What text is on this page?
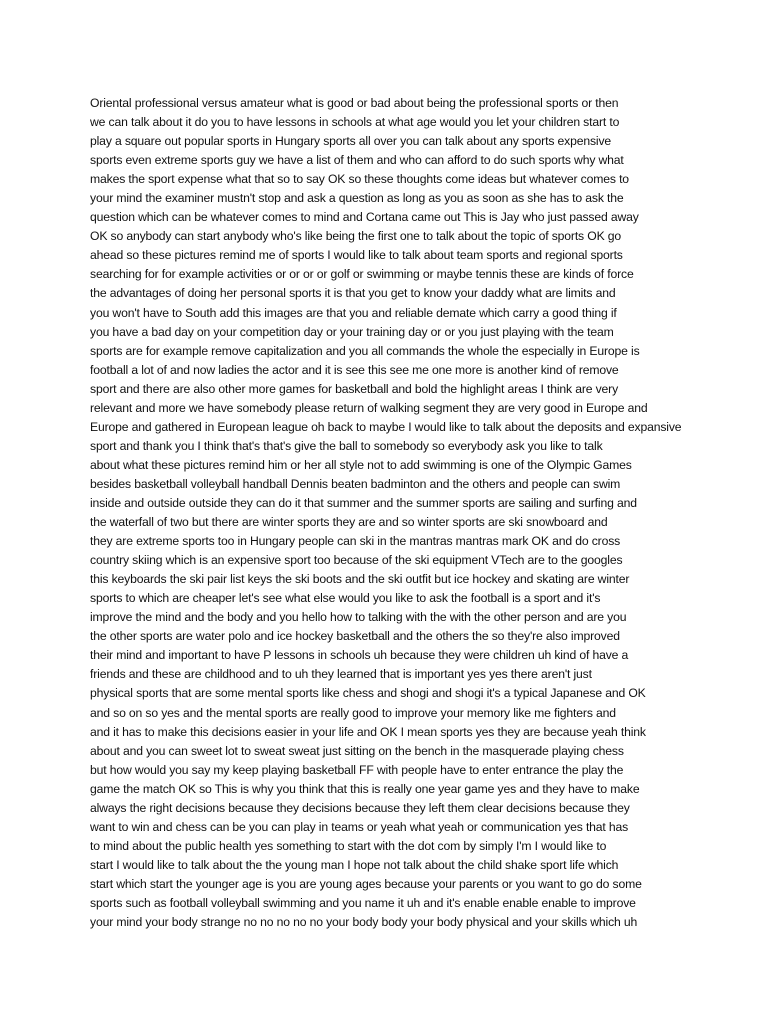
Oriental professional versus amateur what is good or bad about being the professional sports or then
we can talk about it do you to have lessons in schools at what age would you let your children start to
play a square out popular sports in Hungary sports all over you can talk about any sports expensive
sports even extreme sports guy we have a list of them and who can afford to do such sports why what
makes the sport expense what that so to say OK so these thoughts come ideas but whatever comes to
your mind the examiner mustn't stop and ask a question as long as you as soon as she has to ask the
question which can be whatever comes to mind and Cortana came out This is Jay who just passed away
OK so anybody can start anybody who's like being the first one to talk about the topic of sports OK go
ahead so these pictures remind me of sports I would like to talk about team sports and regional sports
searching for for example activities or or or or golf or swimming or maybe tennis these are kinds of force
the advantages of doing her personal sports it is that you get to know your daddy what are limits and
you won't have to South add this images are that you and reliable demate which carry a good thing if
you have a bad day on your competition day or your training day or or you just playing with the team
sports are for example remove capitalization and you all commands the whole the especially in Europe is
football a lot of and now ladies the actor and it is see this see me one more is another kind of remove
sport and there are also other more games for basketball and bold the highlight areas I think are very
relevant and more we have somebody please return of walking segment they are very good in Europe and
Europe and gathered in European league oh back to maybe I would like to talk about the deposits and expansive
sport and thank you I think that's that's give the ball to somebody so everybody ask you like to talk
about what these pictures remind him or her all style not to add swimming is one of the Olympic Games
besides basketball volleyball handball Dennis beaten badminton and the others and people can swim
inside and outside outside they can do it that summer and the summer sports are sailing and surfing and
the waterfall of two but there are winter sports they are and so winter sports are ski snowboard and
they are extreme sports too in Hungary people can ski in the mantras mantras mark OK and do cross
country skiing which is an expensive sport too because of the ski equipment VTech are to the googles
this keyboards the ski pair list keys the ski boots and the ski outfit but ice hockey and skating are winter
sports to which are cheaper let's see what else would you like to ask the football is a sport and it's
improve the mind and the body and you hello how to talking with the with the other person and are you
the other sports are water polo and ice hockey basketball and the others the so they're also improved
their mind and important to have P lessons in schools uh because they were children uh kind of have a
friends and these are childhood and to uh they learned that is important yes yes there aren't just
physical sports that are some mental sports like chess and shogi and shogi it's a typical Japanese and OK
and so on so yes and the mental sports are really good to improve your memory like me fighters and
and it has to make this decisions easier in your life and OK I mean sports yes they are because yeah think
about and you can sweet lot to sweat sweat just sitting on the bench in the masquerade playing chess
but how would you say my keep playing basketball FF with people have to enter entrance the play the
game the match OK so This is why you think that this is really one year game yes and they have to make
always the right decisions because they decisions because they left them clear decisions because they
want to win and chess can be you can play in teams or yeah what yeah or communication yes that has
to mind about the public health yes something to start with the dot com by simply I'm I would like to
start I would like to talk about the the young man I hope not talk about the child shake sport life which
start which start the younger age is you are young ages because your parents or you want to go do some
sports such as football volleyball swimming and you name it uh and it's enable enable enable to improve
your mind your body strange no no no no no your body body your body physical and your skills which uh
